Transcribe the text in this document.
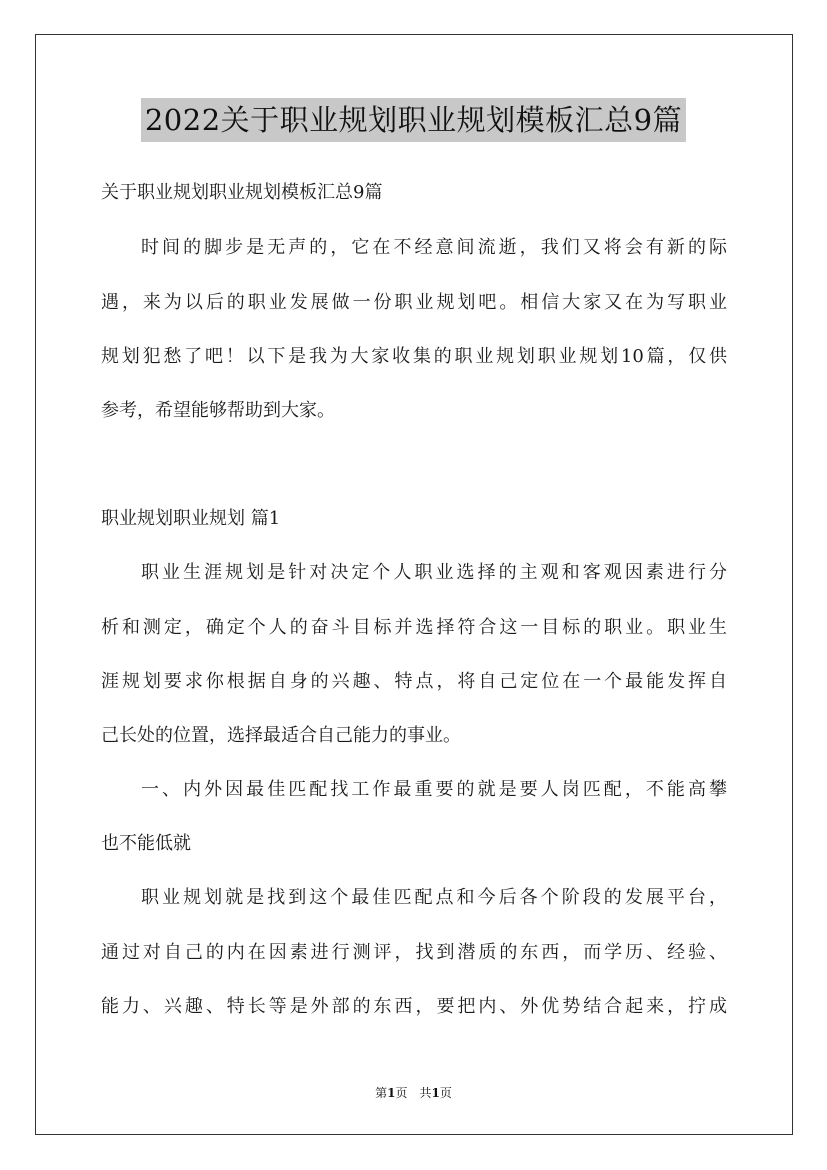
2022关于职业规划职业规划模板汇总9篇
关于职业规划职业规划模板汇总9篇
时间的脚步是无声的，它在不经意间流逝，我们又将会有新的际
遇，来为以后的职业发展做一份职业规划吧。相信大家又在为写职业
规划犯愁了吧！以下是我为大家收集的职业规划职业规划10篇，仅供
参考，希望能够帮助到大家。
职业规划职业规划 篇1
职业生涯规划是针对决定个人职业选择的主观和客观因素进行分
析和测定，确定个人的奋斗目标并选择符合这一目标的职业。职业生
涯规划要求你根据自身的兴趣、特点，将自己定位在一个最能发挥自
己长处的位置，选择最适合自己能力的事业。
一、内外因最佳匹配找工作最重要的就是要人岗匹配，不能高攀
也不能低就
职业规划就是找到这个最佳匹配点和今后各个阶段的发展平台，
通过对自己的内在因素进行测评，找到潜质的东西，而学历、经验、
能力、兴趣、特长等是外部的东西，要把内、外优势结合起来，拧成
第1页　共1页
